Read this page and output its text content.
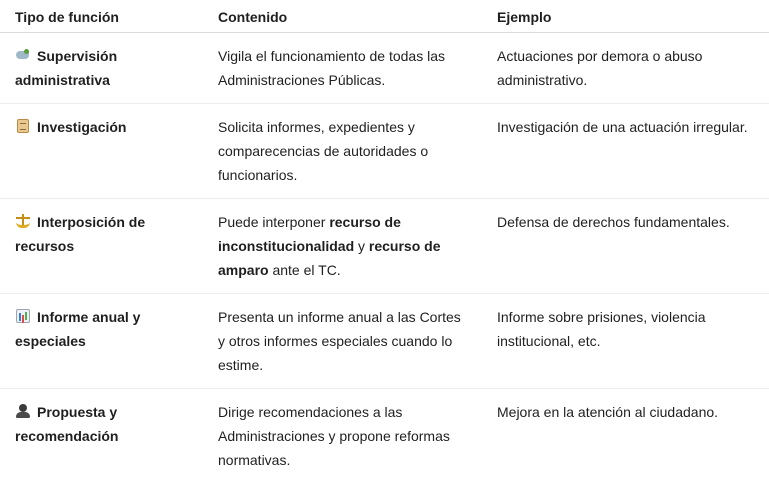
Tipo de función	Contenido	Ejemplo
Supervisión administrativa	Vigila el funcionamiento de todas las Administraciones Públicas.	Actuaciones por demora o abuso administrativo.
Investigación	Solicita informes, expedientes y comparecencias de autoridades o funcionarios.	Investigación de una actuación irregular.
Interposición de recursos	Puede interponer recurso de inconstitucionalidad y recurso de amparo ante el TC.	Defensa de derechos fundamentales.
Informe anual y especiales	Presenta un informe anual a las Cortes y otros informes especiales cuando lo estime.	Informe sobre prisiones, violencia institucional, etc.
Propuesta y recomendación	Dirige recomendaciones a las Administraciones y propone reformas normativas.	Mejora en la atención al ciudadano.
